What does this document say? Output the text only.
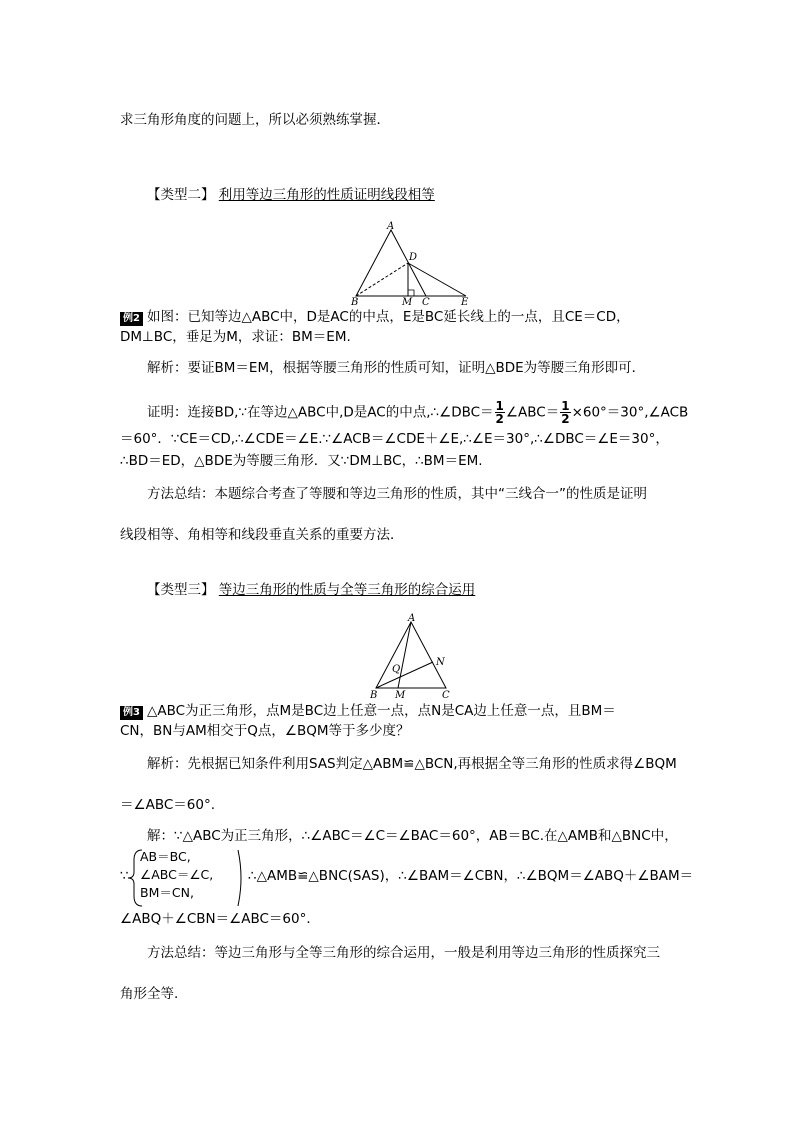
求三角形角度的问题上，所以必须熟练掌握．
【类型二】 利用等边三角形的性质证明线段相等
A
D
B	M C	E
例2 如图：已知等边△ABC中，D是AC的中点，E是BC延长线上的一点，且CE＝CD，
DM⊥BC，垂足为M，求证：BM＝EM.
解析：要证BM＝EM，根据等腰三角形的性质可知，证明△BDE为等腰三角形即可．
证明：连接BD,∵在等边△ABC中,D是AC的中点,∴∠DBC＝ $\frac{1}{2}$ ∠ABC＝ $\frac{1}{2}$ ×60°＝30°,∠ACB
＝60°．∵CE＝CD,∴∠CDE＝∠E.∵∠ACB＝∠CDE＋∠E,∴∠E＝30°,∴∠DBC＝∠E＝30°，
∴BD＝ED，△BDE为等腰三角形．又∵DM⊥BC，∴BM＝EM.
方法总结：本题综合考查了等腰和等边三角形的性质，其中“三线合一”的性质是证明
线段相等、角相等和线段垂直关系的重要方法．
【类型三】 等边三角形的性质与全等三角形的综合运用
A
N
Q
B M	C
例3 △ABC为正三角形，点M是BC边上任意一点，点N是CA边上任意一点，且BM＝
CN，BN与AM相交于Q点，∠BQM等于多少度？
解析：先根据已知条件利用SAS判定△ABM≌△BCN,再根据全等三角形的性质求得∠BQM
＝∠ABC＝60°.
解：∵△ABC为正三角形，∴∠ABC＝∠C＝∠BAC＝60°，AB＝BC.在△AMB和△BNC中，
∵
AB＝BC,
∠ABC＝∠C,
BM＝CN,
∴△AMB≌△BNC(SAS)，∴∠BAM＝∠CBN，∴∠BQM＝∠ABQ＋∠BAM＝
∠ABQ＋∠CBN＝∠ABC＝60°．
方法总结：等边三角形与全等三角形的综合运用，一般是利用等边三角形的性质探究三
角形全等.
